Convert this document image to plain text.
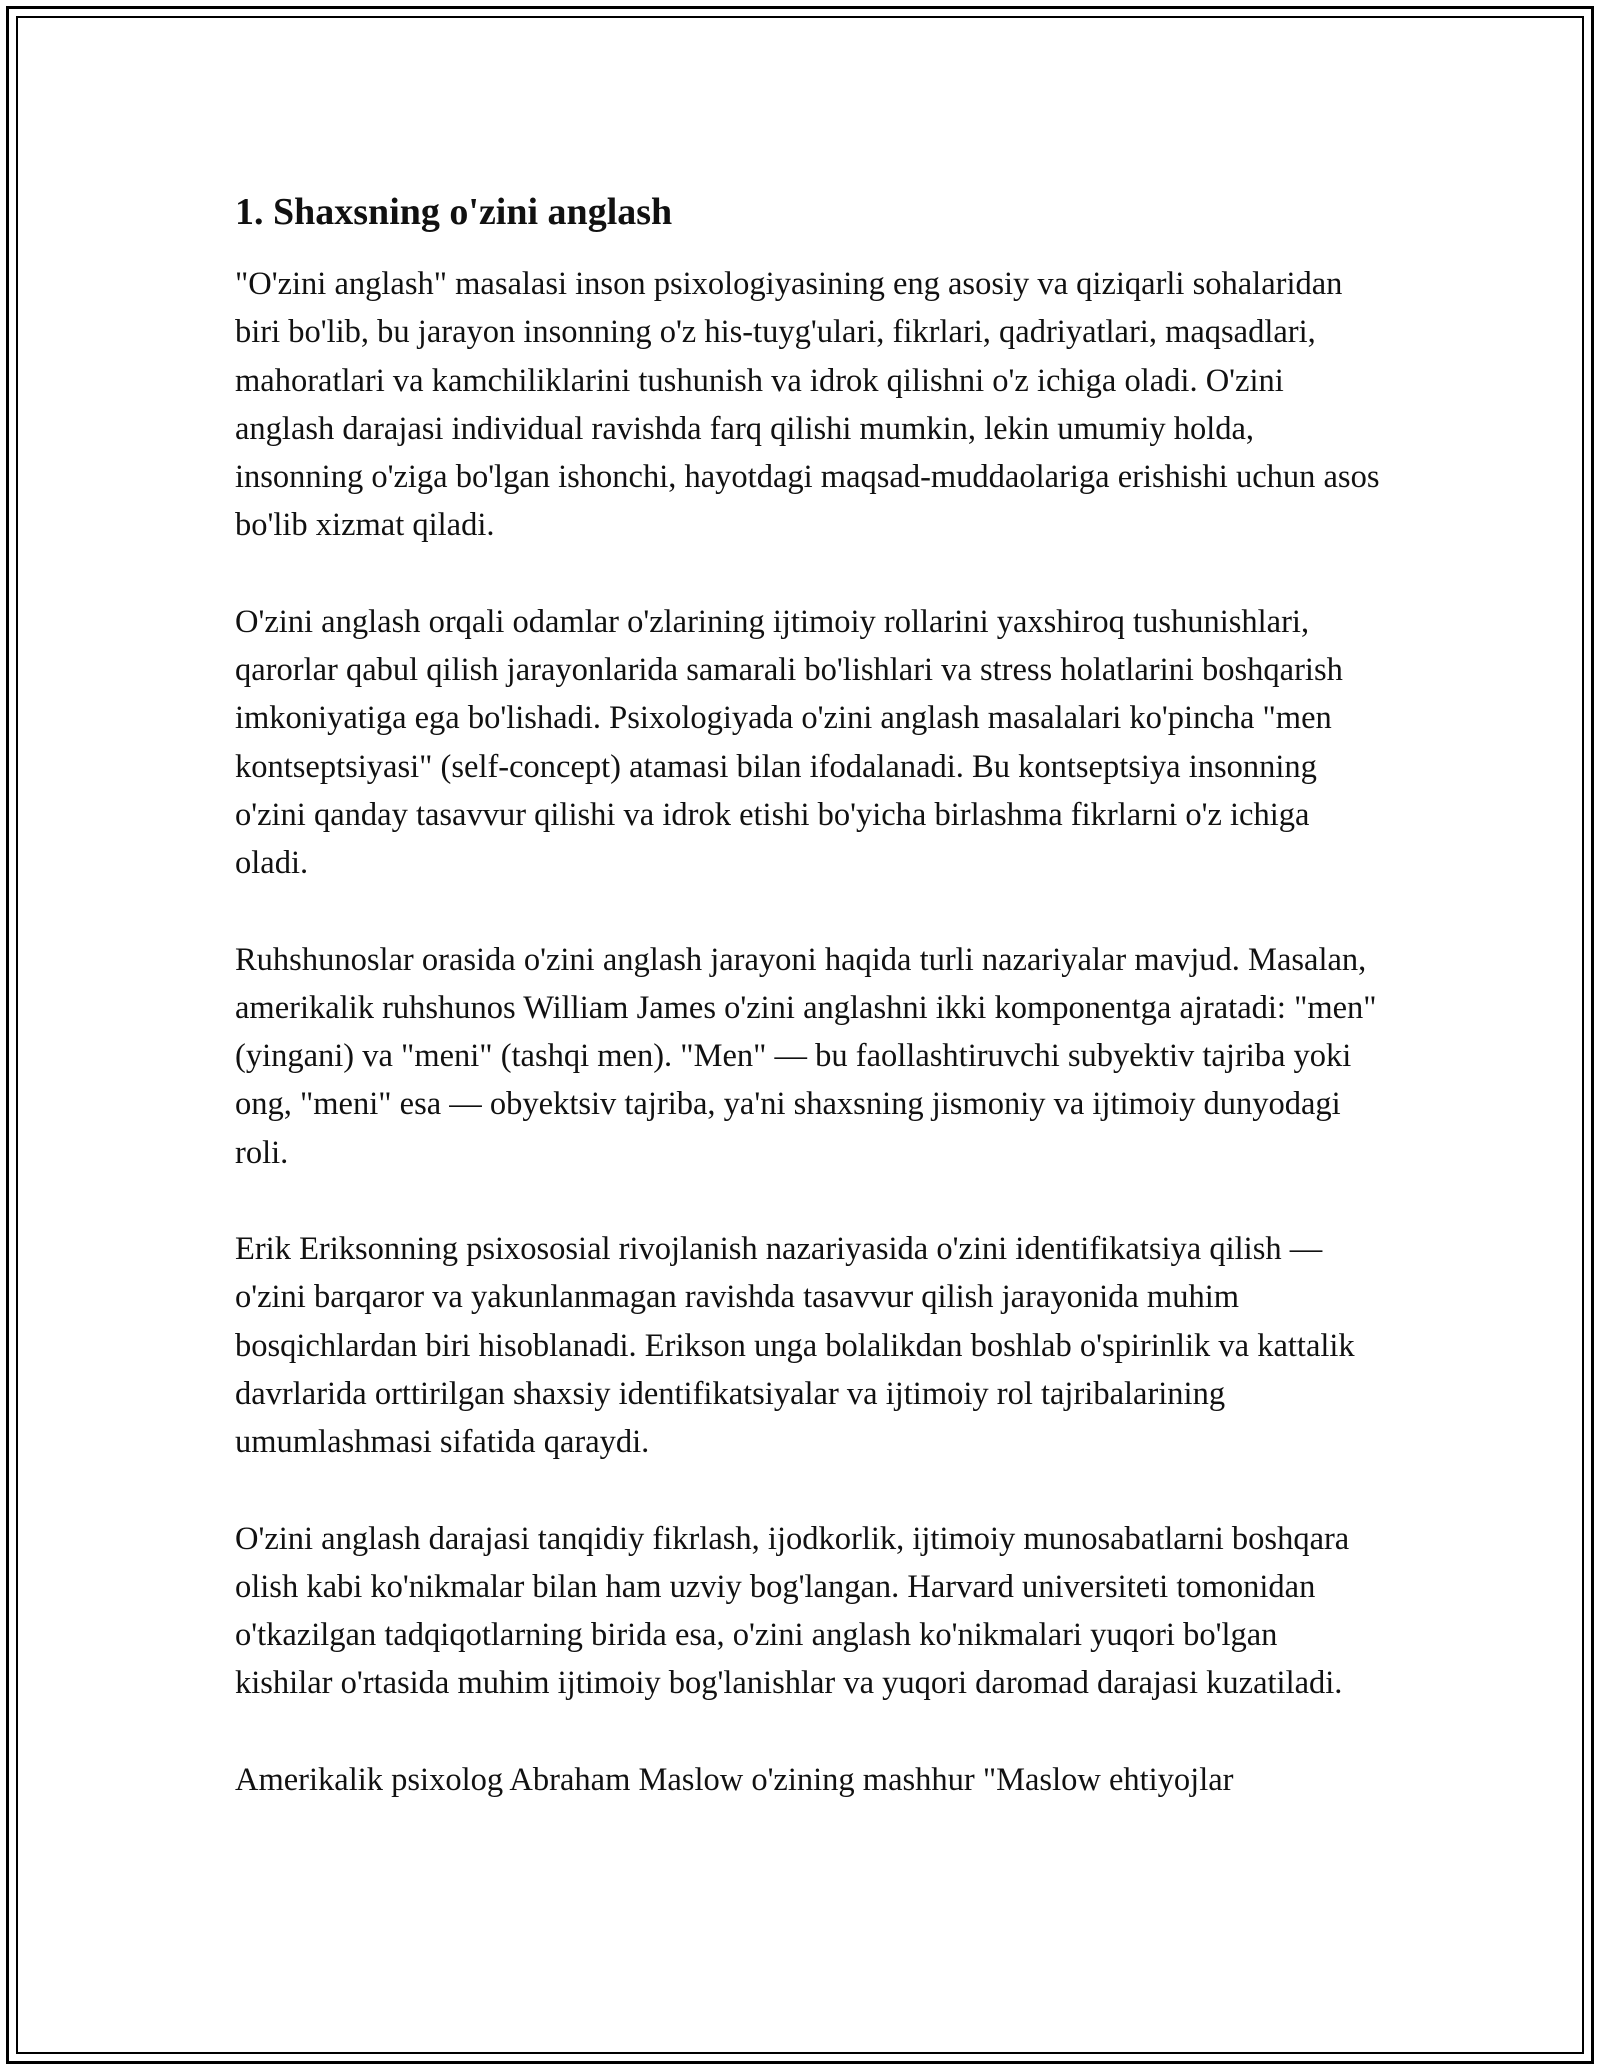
1. Shaxsning o'zini anglash

"O'zini anglash" masalasi inson psixologiyasining eng asosiy va qiziqarli sohalaridan biri bo'lib, bu jarayon insonning o'z his-tuyg'ulari, fikrlari, qadriyatlari, maqsadlari, mahoratlari va kamchiliklarini tushunish va idrok qilishni o'z ichiga oladi. O'zini anglash darajasi individual ravishda farq qilishi mumkin, lekin umumiy holda, insonning o'ziga bo'lgan ishonchi, hayotdagi maqsad-muddaolariga erishishi uchun asos bo'lib xizmat qiladi.

O'zini anglash orqali odamlar o'zlarining ijtimoiy rollarini yaxshiroq tushunishlari, qarorlar qabul qilish jarayonlarida samarali bo'lishlari va stress holatlarini boshqarish imkoniyatiga ega bo'lishadi. Psixologiyada o'zini anglash masalalari ko'pincha "men kontseptsiyasi" (self-concept) atamasi bilan ifodalanadi. Bu kontseptsiya insonning o'zini qanday tasavvur qilishi va idrok etishi bo'yicha birlashma fikrlarni o'z ichiga oladi.

Ruhshunoslar orasida o'zini anglash jarayoni haqida turli nazariyalar mavjud. Masalan, amerikalik ruhshunos William James o'zini anglashni ikki komponentga ajratadi: "men" (yingani) va "meni" (tashqi men). "Men" — bu faollashtiruvchi subyektiv tajriba yoki ong, "meni" esa — obyektsiv tajriba, ya'ni shaxsning jismoniy va ijtimoiy dunyodagi roli.

Erik Eriksonning psixososial rivojlanish nazariyasida o'zini identifikatsiya qilish — o'zini barqaror va yakunlanmagan ravishda tasavvur qilish jarayonida muhim bosqichlardan biri hisoblanadi. Erikson unga bolalikdan boshlab o'spirinlik va kattalik davrlarida orttirilgan shaxsiy identifikatsiyalar va ijtimoiy rol tajribalarining umumlashmasi sifatida qaraydi.

O'zini anglash darajasi tanqidiy fikrlash, ijodkorlik, ijtimoiy munosabatlarni boshqara olish kabi ko'nikmalar bilan ham uzviy bog'langan. Harvard universiteti tomonidan o'tkazilgan tadqiqotlarning birida esa, o'zini anglash ko'nikmalari yuqori bo'lgan kishilar o'rtasida muhim ijtimoiy bog'lanishlar va yuqori daromad darajasi kuzatiladi.

Amerikalik psixolog Abraham Maslow o'zining mashhur "Maslow ehtiyojlar
